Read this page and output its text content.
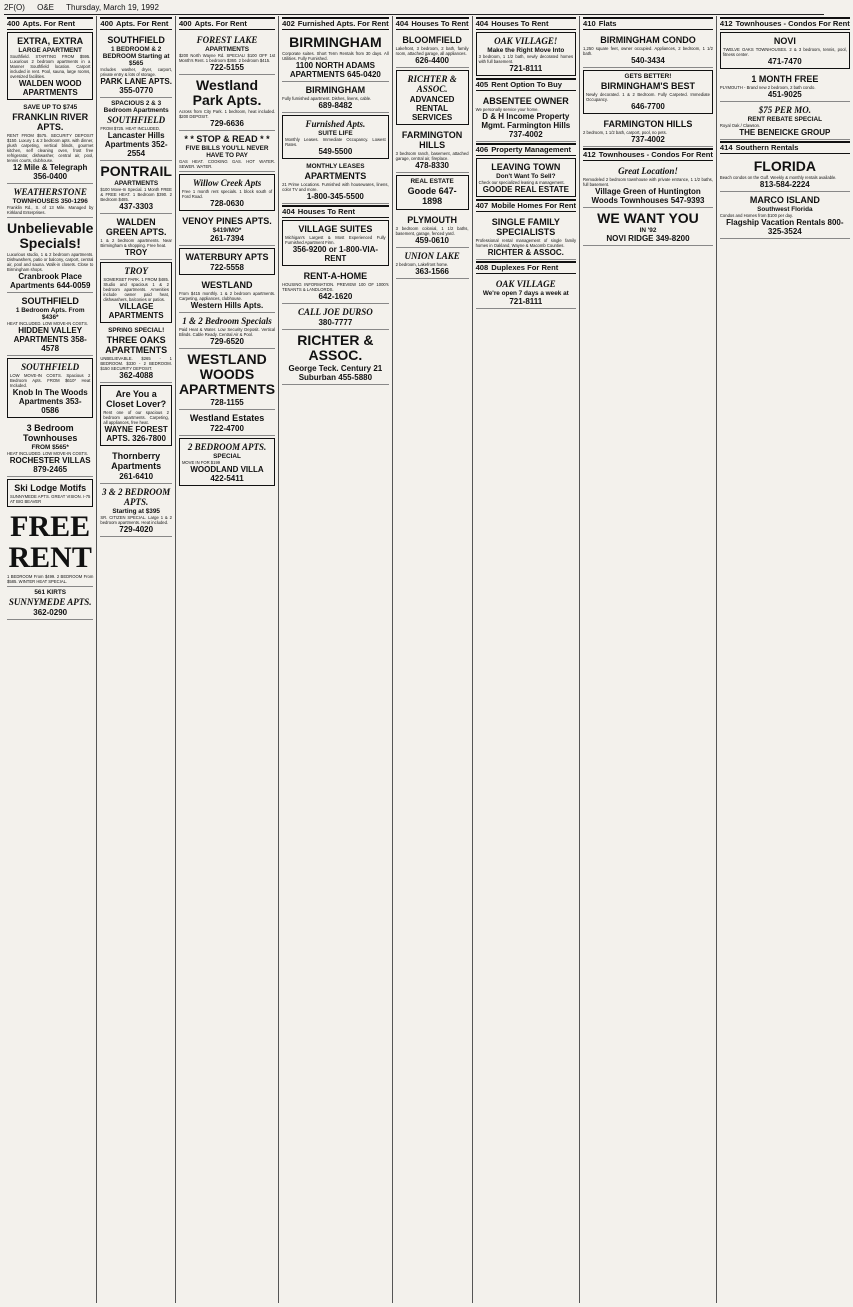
2F(O) O&E Thursday, March 19, 1992
400 Apts. For Rent
EXTRA, EXTRA
LARGE APARTMENT
Southfield. STARTING FROM $595. Luxurious 2 bedroom apartments in a Manner Southfield location. Carport included in rent. Pool, sauna, large rooms, oversized facilities.
WALDEN WOOD APARTMENTS
SAVE UP TO $745
FRANKLIN RIVER APTS.
RENT FROM $575. SECURITY DEPOSIT $150. Luxury 1 & 2 bedroom apts. with dinner, plush carpeting, vertical blinds, gourmet kitchen, self cleaning oven, frost free refrigerator, dishwasher, central air, pool, tennis courts, clubhouse.
12 Mile & Telegraph 356-0400
WEATHERSTONE
TOWNHOUSES 350-1296
Franklin Rd., S. of 13 Mile. Managed by Kirkland Enterprises.
Unbelievable Specials!
Luxurious studio, 1 & 2 bedroom apartments. Dishwashers, patio or balcony, carport, central air, pool and sauna. Walk-in closets. Close to Birmingham shops.
Cranbrook Place Apartments 644-0059
SOUTHFIELD
1 Bedroom Apts. From $436*
HEAT INCLUDED. LOW MOVE-IN COSTS.
HIDDEN VALLEY APARTMENTS 358-4578
SOUTHFIELD
LOW MOVE-IN COSTS. Spacious 2 Bedroom Apts. FROM $610* Heat Included.
Knob In The Woods Apartments 353-0586
3 Bedroom Townhouses
FROM $565*
HEAT INCLUDED. LOW MOVE-IN COSTS.
ROCHESTER VILLAS 879-2465
Ski Lodge Motifs
SUNNYMEDE APTS. GREAT VISION. I-75 AT BIG BEAVER
FREE
RENT
1 BEDROOM From $499. 2 BEDROOM From $585. WINTER HEAT SPECIAL.
561 KIRTS
SUNNYMEDE APTS.
362-0290
400 Apts. For Rent
SOUTHFIELD
1 BEDROOM & 2 BEDROOM Starting at $565
Includes washer, dryer, carport, private entry & lots of storage.
PARK LANE APTS. 355-0770
SPACIOUS 2 & 3 Bedroom Apartments
SOUTHFIELD
FROM $725. HEAT INCLUDED.
Lancaster Hills Apartments 352-2554
PONTRAIL
APARTMENTS
$100 Move-In Special. 1 Month FREE & FREE HEAT. 1 Bedroom $390. 2 Bedroom $485.
437-3303
WALDEN GREEN APTS.
1 & 2 bedroom apartments. Near Birmingham & shopping. Free heat.
TROY
TROY
SOMERSET PARK. 1 FROM $485. Studio and spacious 1 & 2 bedroom apartments. Amenities include owner paid heat, dishwashers, balconies or patios.
VILLAGE APARTMENTS
SPRING SPECIAL!
THREE OAKS APARTMENTS
UNBELIEVABLE. $265 - 1 BEDROOM. $330 - 2 BEDROOM. $150 SECURITY DEPOSIT.
362-4088
Are You a Closet Lover?
Rent one of our spacious 2 bedroom apartments. Carpeting, all appliances, free heat.
WAYNE FOREST APTS. 326-7800
Thornberry Apartments
261-6410
3 & 2 BEDROOM APTS.
Starting at $395
SR. CITIZEN SPECIAL. Large 1 & 2 bedroom apartments. Heat included.
729-4020
400 Apts. For Rent
FOREST LAKE
APARTMENTS
$200 North Wayne Rd. SPECIAL! $100 OFF 1st Month's Rent. 1 bedroom $360. 2 bedroom $415.
722-5155
Westland Park Apts.
Across from City Park. 1 bedroom, heat included. $200 DEPOSIT.
729-6636
* * STOP & READ * *
FIVE BILLS YOU'LL NEVER HAVE TO PAY
GAS HEAT. COOKING GAS. HOT WATER. SEWER. WATER.
Willow Creek Apts
Free 1 month rent specials. 1 block south of Ford Road.
728-0630
VENOY PINES APTS.
$419/MO*
261-7394
WATERBURY APTS
722-5558
WESTLAND
From $415 monthly. 1 & 2 bedroom apartments. Carpeting, appliances, clubhouse.
Western Hills Apts.
1 & 2 Bedroom Specials
Paid Heat & Water. Low Security Deposit. Vertical Blinds. Cable Ready. Central Air & Pool.
729-6520
WESTLAND WOODS APARTMENTS
728-1155
Westland Estates
722-4700
2 BEDROOM APTS.
SPECIAL
MOVE IN FOR $199
WOODLAND VILLA 422-5411
402 Furnished Apts. For Rent
BIRMINGHAM
Corporate suites. Short Term Rentals from 30 days. All Utilities. Fully Furnished.
1100 NORTH ADAMS APARTMENTS 645-0420
BIRMINGHAM
Fully furnished apartment. Dishes, linens, cable.
689-8482
Furnished Apts.
SUITE LIFE
Monthly Leases. Immediate Occupancy. Lowest Rates.
549-5500
MONTHLY LEASES
APARTMENTS
21 Prime Locations. Furnished with housewares, linens, color TV and more.
1-800-345-5500
404 Houses To Rent
VILLAGE SUITES
Michigan's Largest & Most Experienced Fully Furnished Apartment Firm.
356-9200 or 1-800-VIA-RENT
RENT-A-HOME
HOUSING INFORMATION. PREVIEW 100 OF 1000's TENANTS & LANDLORDS.
642-1620
CALL JOE DURSO
380-7777
RICHTER & ASSOC.
George Teck. Century 21 Suburban 455-5880
404 Houses To Rent
BLOOMFIELD
Lakefront, 3 bedroom, 2 bath, family room, attached garage, all appliances.
626-4400
RICHTER & ASSOC.
ADVANCED RENTAL SERVICES
FARMINGTON HILLS
3 bedroom ranch, basement, attached garage, central air, fireplace.
478-8330
REAL ESTATE
Goode 647-1898
PLYMOUTH
3 bedroom colonial, 1 1/2 baths, basement, garage, fenced yard.
459-0610
UNION LAKE
2 bedroom, Lakefront home.
363-1566
404 Houses To Rent
OAK VILLAGE!
Make the Right Move Into
3 bedroom, 1 1/2 bath, newly decorated homes with full basement.
721-8111
405 Rent Option To Buy
ABSENTEE OWNER
We personally service your home.
D & H Income Property Mgmt. Farmington Hills 737-4002
406 Property Management
LEAVING TOWN
Don't Want To Sell?
Check our specialized leasing & management.
GOODE REAL ESTATE
407 Mobile Homes For Rent
SINGLE FAMILY SPECIALISTS
Professional rental management of single family homes in Oakland, Wayne & Macomb Counties.
RICHTER & ASSOC.
408 Duplexes For Rent
OAK VILLAGE
We're open 7 days a week at
721-8111
410 Flats
BIRMINGHAM CONDO
1,250 square feet, owner occupied. Appliances, 2 bedroom, 1 1/2 bath.
540-3434
GETS BETTER!
BIRMINGHAM'S BEST
Newly decorated. 1 & 2 Bedroom. Fully Carpeted. Immediate Occupancy.
646-7700
FARMINGTON HILLS
2 bedroom, 1 1/2 bath, carport, pool, no pets.
737-4002
412 Townhouses - Condos For Rent
Great Location!
Remodeled 2 bedroom townhouse with private entrance, 1 1/2 baths, full basement.
Village Green of Huntington Woods Townhouses 547-9393
WE WANT YOU
IN '92
NOVI RIDGE 349-8200
412 Townhouses - Condos For Rent
NOVI
TWELVE OAKS TOWNHOUSES. 2 & 3 bedroom, tennis, pool, fitness center.
471-7470
1 MONTH FREE
PLYMOUTH - Brand new 2 bedroom, 2 bath condo.
451-9025
$75 PER MO.
RENT REBATE SPECIAL
Royal Oak / Clawson.
THE BENEICKE GROUP
414 Southern Rentals
FLORIDA
Beach condos on the Gulf. Weekly & monthly rentals available.
813-584-2224
MARCO ISLAND
Southwest Florida
Condos and Homes from $100 per day.
Flagship Vacation Rentals 800-325-3524
